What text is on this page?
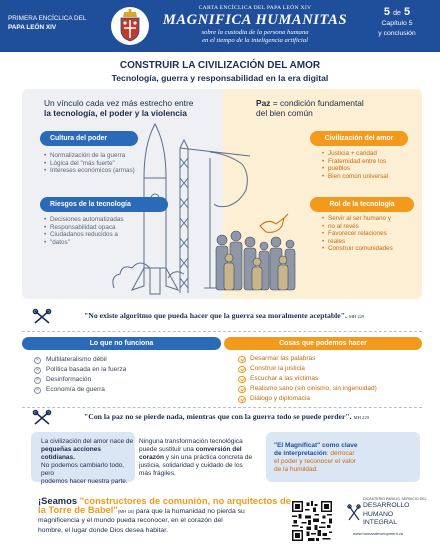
PRIMERA ENCÍCLICA DEL
PAPA LEÓN XIV
CARTA ENCÍCLICA DEL PAPA LEÓN XIV
MAGNIFICA HUMANITAS
sobre la custodia de la persona humana
en el tiempo de la inteligencia artificial
5 de 5
Capítulo 5
y conclusión
CONSTRUIR LA CIVILIZACIÓN DEL AMOR
Tecnología, guerra y responsabilidad en la era digital
Un vínculo cada vez más estrecho entre
la tecnología, el poder y la violencia
Paz = condición fundamental
del bien común
Cultura del poder
• Normalización de la guerra
• Lógica del "más fuerte"
• Intereses económicos (armas)
Riesgos de la tecnología
• Decisiones automatizadas
• Responsabilidad opaca
• Ciudadanos reducidos a
• "datos"
Civilización del amor
• Justicia + caridad
• Fraternidad entre los
• pueblos
• Bien común universal
Rol de la tecnología
• Servir al ser humano y
• no al revés
• Favorecer relaciones
• reales
• Construir comunidades
"No existe algoritmo que pueda hacer que la guerra sea moralmente aceptable". MH 229
Lo que no funciona
✕ Multilateralismo débil
✕ Política basada en la fuerza
✕ Desinformación
✕ Economía de guerra
Cosas que podemos hacer
Desarmar las palabras
Construir la justicia
Escuchar a las víctimas
Realismo sano (sin cinismo, sin ingenuidad)
Diálogo y diplomacia
"Con la paz no se pierde nada, mientras que con la guerra todo se puede perder". MH 229
La civilización del amor nace de
pequeñas acciones cotidianas.
No podemos cambiarlo todo, pero
podemos hacer nuestra parte.
Ninguna transformación tecnológica
puede sustituir una conversión del
corazón y sin una práctica concreta de
justicia, solidaridad y cuidado de los
más frágiles.
"El Magníficat" como clave
de interpretación: derrocar
el poder y reconocer el valor
de la humildad.
¡Seamos "constructores de comunión, no arquitectos de
la Torre de Babel"(MH 16) para que la humanidad no pierda su
magnificencia y el mundo pueda reconocer, en el corazón del
hombre, el lugar donde Dios desea habitar.
DICASTERIO PARA EL SERVICIO DEL
DESARROLLO
HUMANO
INTEGRAL
www.humandevelopment.va
